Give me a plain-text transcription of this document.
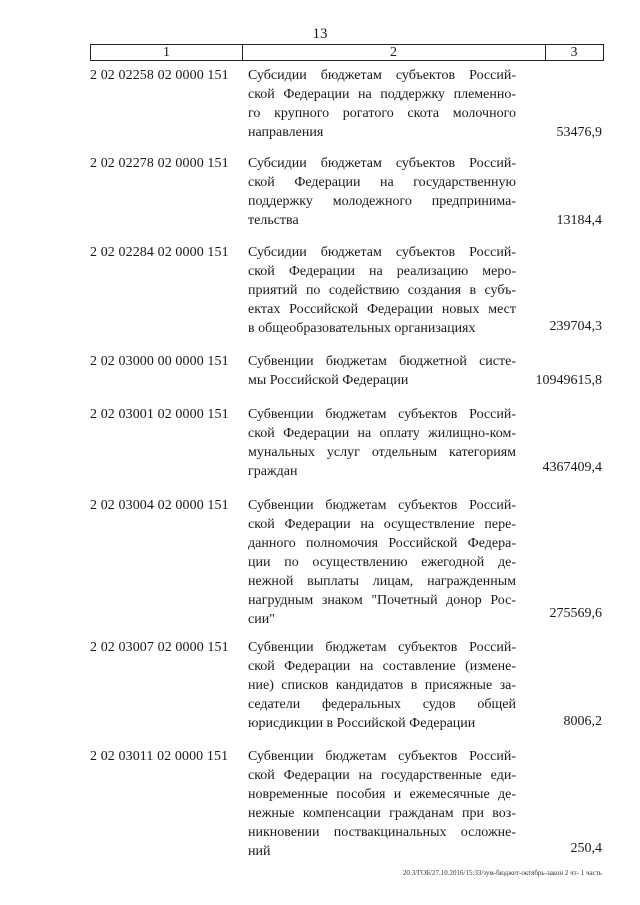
13
1	2	3
2 02 02258 02 0000 151	Субсидии бюджетам субъектов Россий-
ской Федерации на поддержку племенно-
го крупного рогатого скота молочного
направления	53476,9
2 02 02278 02 0000 151	Субсидии бюджетам субъектов Россий-
ской Федерации на государственную
поддержку молодежного предпринима-
тельства	13184,4
2 02 02284 02 0000 151	Субсидии бюджетам субъектов Россий-
ской Федерации на реализацию меро-
приятий по содействию создания в субъ-
ектах Российской Федерации новых мест
в общеобразовательных организациях	239704,3
2 02 03000 00 0000 151	Субвенции бюджетам бюджетной систе-
мы Российской Федерации	10949615,8
2 02 03001 02 0000 151	Субвенции бюджетам субъектов Россий-
ской Федерации на оплату жилищно-ком-
мунальных услуг отдельным категориям
граждан	4367409,4
2 02 03004 02 0000 151	Субвенции бюджетам субъектов Россий-
ской Федерации на осуществление пере-
данного полномочия Российской Федера-
ции по осуществлению ежегодной де-
нежной выплаты лицам, награжденным
нагрудным знаком "Почетный донор Рос-
сии"	275569,6
2 02 03007 02 0000 151	Субвенции бюджетам субъектов Россий-
ской Федерации на составление (измене-
ние) списков кандидатов в присяжные за-
седатели федеральных судов общей
юрисдикции в Российской Федерации	8006,2
2 02 03011 02 0000 151	Субвенции бюджетам субъектов Россий-
ской Федерации на государственные еди-
новременные пособия и ежемесячные де-
нежные компенсации гражданам при воз-
никновении поствакцинальных осложне-
ний	250,4
20.3/ГОБ/27.10.2016/15:33/зум-бюджет-октябрь-закон 2 чт- 1 часть
